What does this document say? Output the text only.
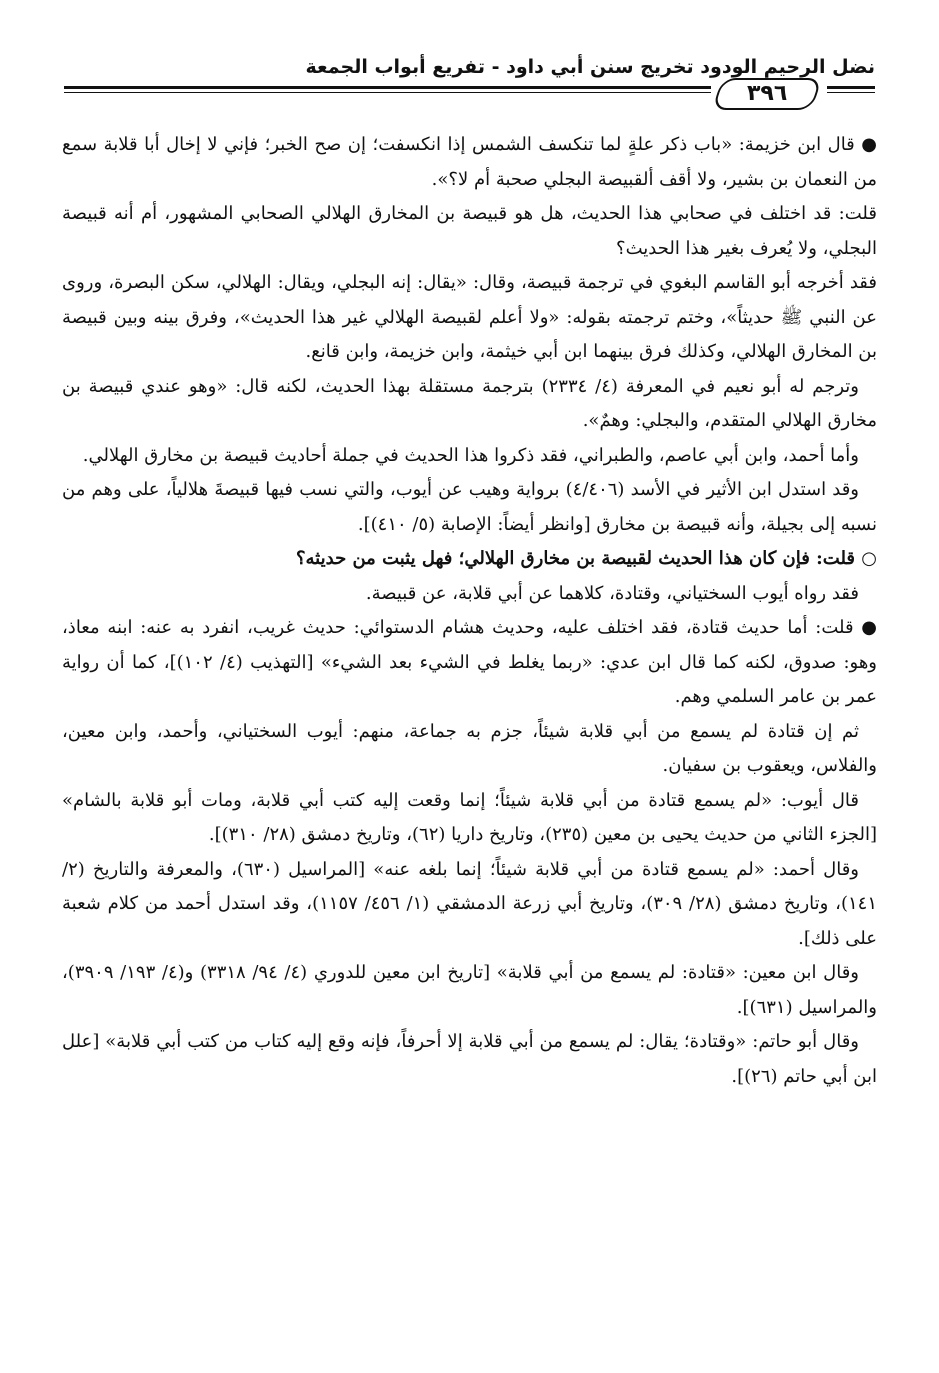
نضل الرحيم الودود تخريج سنن أبي داود - تفريع أبواب الجمعة
٣٩٦

● قال ابن خزيمة: «باب ذكر علةٍ لما تنكسف الشمس إذا انكسفت؛ إن صح الخبر؛ فإني لا إخال أبا قلابة سمع من النعمان بن بشير، ولا أقف ألقبيصة البجلي صحبة أم لا؟».

قلت: قد اختلف في صحابي هذا الحديث، هل هو قبيصة بن المخارق الهلالي الصحابي المشهور، أم أنه قبيصة البجلي، ولا يُعرف بغير هذا الحديث؟

فقد أخرجه أبو القاسم البغوي في ترجمة قبيصة، وقال: «يقال: إنه البجلي، ويقال: الهلالي، سكن البصرة، وروى عن النبي ﷺ حديثاً»، وختم ترجمته بقوله: «ولا أعلم لقبيصة الهلالي غير هذا الحديث»، وفرق بينه وبين قبيصة بن المخارق الهلالي، وكذلك فرق بينهما ابن أبي خيثمة، وابن خزيمة، وابن قانع.

وترجم له أبو نعيم في المعرفة (٤/ ٢٣٣٤) بترجمة مستقلة بهذا الحديث، لكنه قال: «وهو عندي قبيصة بن مخارق الهلالي المتقدم، والبجلي: وهمٌ».

وأما أحمد، وابن أبي عاصم، والطبراني، فقد ذكروا هذا الحديث في جملة أحاديث قبيصة بن مخارق الهلالي.

وقد استدل ابن الأثير في الأسد (٤/٤٠٦) برواية وهيب عن أيوب، والتي نسب فيها قبيصةَ هلالياً، على وهم من نسبه إلى بجيلة، وأنه قبيصة بن مخارق [وانظر أيضاً: الإصابة (٥/ ٤١٠)].

○ قلت: فإن كان هذا الحديث لقبيصة بن مخارق الهلالي؛ فهل يثبت من حديثه؟

فقد رواه أيوب السختياني، وقتادة، كلاهما عن أبي قلابة، عن قبيصة.

● قلت: أما حديث قتادة، فقد اختلف عليه، وحديث هشام الدستوائي: حديث غريب، انفرد به عنه: ابنه معاذ، وهو: صدوق، لكنه كما قال ابن عدي: «ربما يغلط في الشيء بعد الشيء» [التهذيب (٤/ ١٠٢)]، كما أن رواية عمر بن عامر السلمي وهم.

ثم إن قتادة لم يسمع من أبي قلابة شيئاً، جزم به جماعة، منهم: أيوب السختياني، وأحمد، وابن معين، والفلاس، ويعقوب بن سفيان.

قال أيوب: «لم يسمع قتادة من أبي قلابة شيئاً؛ إنما وقعت إليه كتب أبي قلابة، ومات أبو قلابة بالشام» [الجزء الثاني من حديث يحيى بن معين (٢٣٥)، وتاريخ داريا (٦٢)، وتاريخ دمشق (٢٨/ ٣١٠)].

وقال أحمد: «لم يسمع قتادة من أبي قلابة شيئاً؛ إنما بلغه عنه» [المراسيل (٦٣٠)، والمعرفة والتاريخ (٢/ ١٤١)، وتاريخ دمشق (٢٨/ ٣٠٩)، وتاريخ أبي زرعة الدمشقي (١/ ٤٥٦/ ١١٥٧)، وقد استدل أحمد من كلام شعبة على ذلك].

وقال ابن معين: «قتادة: لم يسمع من أبي قلابة» [تاريخ ابن معين للدوري (٤/ ٩٤/ ٣٣١٨) و(٤/ ١٩٣/ ٣٩٠٩)، والمراسيل (٦٣١)].

وقال أبو حاتم: «وقتادة؛ يقال: لم يسمع من أبي قلابة إلا أحرفاً، فإنه وقع إليه كتاب من كتب أبي قلابة» [علل ابن أبي حاتم (٢٦)].
